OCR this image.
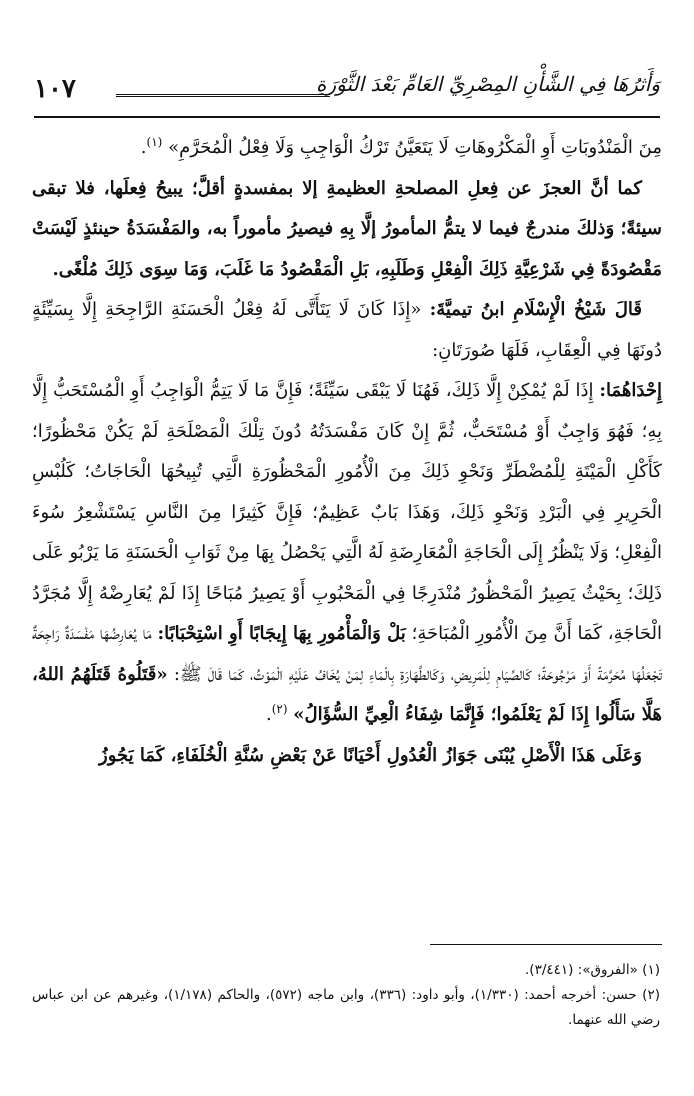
١٠٧	وَأَثرُهَا فِي الشَّأْنِ المِصْرِيِّ العَامِّ بَعْدَ الثَّوْرَةِ

مِنَ الْمَنْدُوبَاتِ أَوِ الْمَكْرُوهَاتِ لَا يَتَعَيَّنُ تَرْكُ الْوَاجِبِ وَلَا فِعْلُ الْمُحَرَّمِ» $^{(١)}$.

كما أنَّ العجزَ عن فِعلِ المصلحةِ العظيمةِ إلا بمفسدةٍ أقلَّ؛ يبيحُ فِعلَها، فلا تبقى سيئةً؛ وَذلكَ مندرجٌ فيما لا يتمُّ المأمورُ إلَّا بِهِ فيصيرُ مأموراً به، والمَفْسَدَةُ حينئذٍ لَيْسَتْ مَقْصُودَةً فِي شَرْعِيَّةِ ذَلِكَ الْفِعْلِ وَطَلَبِهِ، بَلِ الْمَقْصُودُ مَا غَلَبَ، وَمَا سِوَى ذَلِكَ مُلْغًى.

قَالَ شَيْخُ الْإِسْلَامِ ابنُ تيميَّةَ: «إِذَا كَانَ لَا يَتَأَتَّى لَهُ فِعْلُ الْحَسَنَةِ الرَّاجِحَةِ إِلَّا بِسَيِّئَةٍ دُونَهَا فِي الْعِقَابِ، فَلَهَا صُورَتَانِ:

إِحْدَاهُمَا: إِذَا لَمْ يُمْكِنْ إِلَّا ذَلِكَ، فَهُنَا لَا يَبْقَى سَيِّئَةً؛ فَإِنَّ مَا لَا يَتِمُّ الْوَاجِبُ أَوِ الْمُسْتَحَبُّ إِلَّا بِهِ؛ فَهُوَ وَاجِبٌ أَوْ مُسْتَحَبٌّ، ثُمَّ إِنْ كَانَ مَفْسَدَتُهُ دُونَ تِلْكَ الْمَصْلَحَةِ لَمْ يَكُنْ مَحْظُورًا؛ كَأَكْلِ الْمَيْتَةِ لِلْمُضْطَرِّ وَنَحْوِ ذَلِكَ مِنَ الْأُمُورِ الْمَحْظُورَةِ الَّتِي تُبِيحُهَا الْحَاجَاتُ؛ كَلُبْسِ الْحَرِيرِ فِي الْبَرْدِ وَنَحْوِ ذَلِكَ، وَهَذَا بَابٌ عَظِيمٌ؛ فَإِنَّ كَثِيرًا مِنَ النَّاسِ يَسْتَشْعِرُ سُوءَ الْفِعْلِ؛ وَلَا يَنْظُرُ إِلَى الْحَاجَةِ الْمُعَارِضَةِ لَهُ الَّتِي يَحْصُلُ بِهَا مِنْ ثَوَابِ الْحَسَنَةِ مَا يَرْبُو عَلَى ذَلِكَ؛ بِحَيْثُ يَصِيرُ الْمَحْظُورُ مُنْدَرِجًا فِي الْمَحْبُوبِ أَوْ يَصِيرُ مُبَاحًا إِذَا لَمْ يُعَارِضْهُ إِلَّا مُجَرَّدُ الْحَاجَةِ، كَمَا أَنَّ مِنَ الْأُمُورِ الْمُبَاحَةِ؛ بَلْ وَالْمَأْمُورِ بِهَا إِيجَابًا أَوِ اسْتِحْبَابًا: مَا يُعَارِضُهَا مَفْسَدَةٌ رَاجِحَةٌ تَجْعَلُهَا مُحَرَّمَةً أَوْ مَرْجُوحَةً؛ كَالصِّيَامِ لِلْمَرِيضِ، وَكَالطَّهَارَةِ بِالْمَاءِ لِمَنْ يُخَافُ عَلَيْهِ الْمَوْتُ، كَمَا قَالَ ﷺ: «قَتَلُوهُ قَتَلَهُمُ اللهُ، هَلَّا سَأَلُوا إِذَا لَمْ يَعْلَمُوا؛ فَإِنَّمَا شِفَاءُ الْعِيِّ السُّؤَالُ» $^{(٢)}$.

وَعَلَى هَذَا الْأَصْلِ يُبْنَى جَوَازُ الْعُدُولِ أَحْيَانًا عَنْ بَعْضِ سُنَّةِ الْخُلَفَاءِ، كَمَا يَجُوزُ

(١) «الفروق»: (٣/٤٤١).

(٢) حسن: أخرجه أحمد: (١/٣٣٠)، وأبو داود: (٣٣٦)، وابن ماجه (٥٧٢)، والحاكم (١/١٧٨)، وغيرهم عن ابن عباس رضي الله عنهما.
